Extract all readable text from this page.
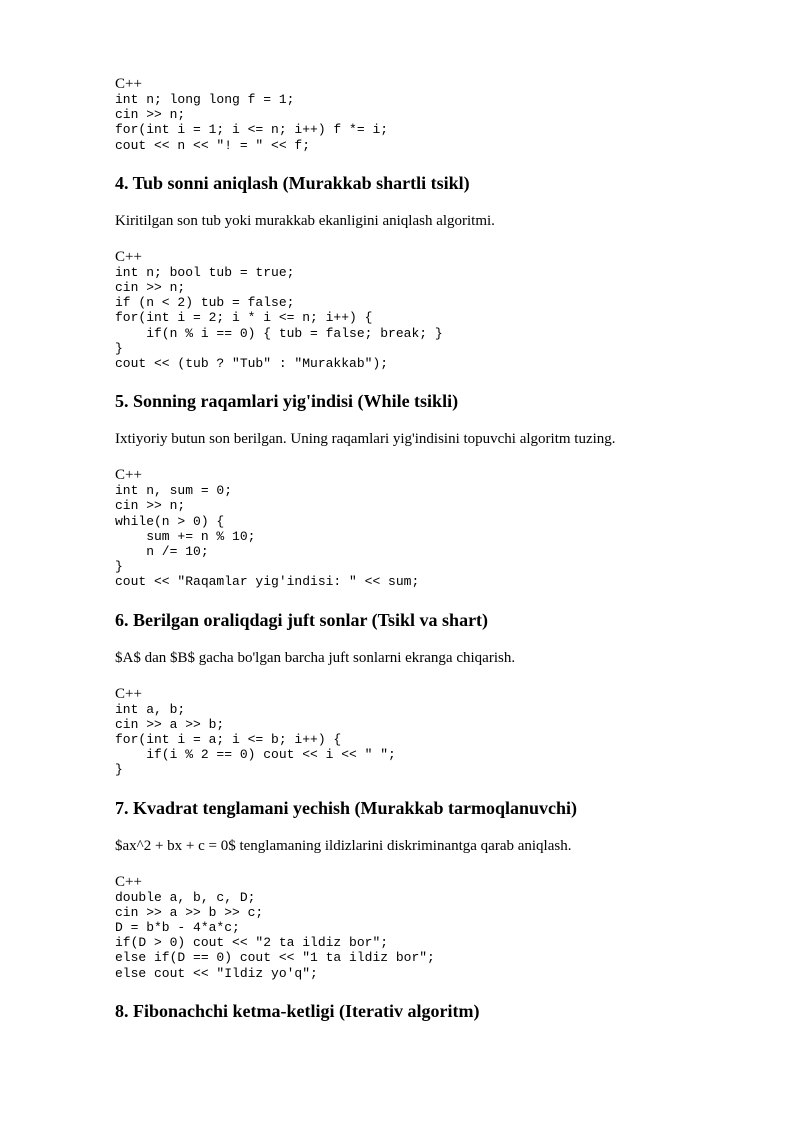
C++
int n; long long f = 1;
cin >> n;
for(int i = 1; i <= n; i++) f *= i;
cout << n << "! = " << f;
4. Tub sonni aniqlash (Murakkab shartli tsikl)

Kiritilgan son tub yoki murakkab ekanligini aniqlash algoritmi.

C++
int n; bool tub = true;
cin >> n;
if (n < 2) tub = false;
for(int i = 2; i * i <= n; i++) {
if(n % i == 0) { tub = false; break; }
}
cout << (tub ? "Tub" : "Murakkab");
5. Sonning raqamlari yig'indisi (While tsikli)

Ixtiyoriy butun son berilgan. Uning raqamlari yig'indisini topuvchi algoritm tuzing.

C++
int n, sum = 0;
cin >> n;
while(n > 0) {
sum += n % 10;
n /= 10;
}
cout << "Raqamlar yig'indisi: " << sum;
6. Berilgan oraliqdagi juft sonlar (Tsikl va shart)

$A$ dan $B$ gacha bo'lgan barcha juft sonlarni ekranga chiqarish.

C++
int a, b;
cin >> a >> b;
for(int i = a; i <= b; i++) {
if(i % 2 == 0) cout << i << " ";
}
7. Kvadrat tenglamani yechish (Murakkab tarmoqlanuvchi)

$ax^2 + bx + c = 0$ tenglamaning ildizlarini diskriminantga qarab aniqlash.

C++
double a, b, c, D;
cin >> a >> b >> c;
D = b*b - 4*a*c;
if(D > 0) cout << "2 ta ildiz bor";
else if(D == 0) cout << "1 ta ildiz bor";
else cout << "Ildiz yo'q";
8. Fibonachchi ketma-ketligi (Iterativ algoritm)
